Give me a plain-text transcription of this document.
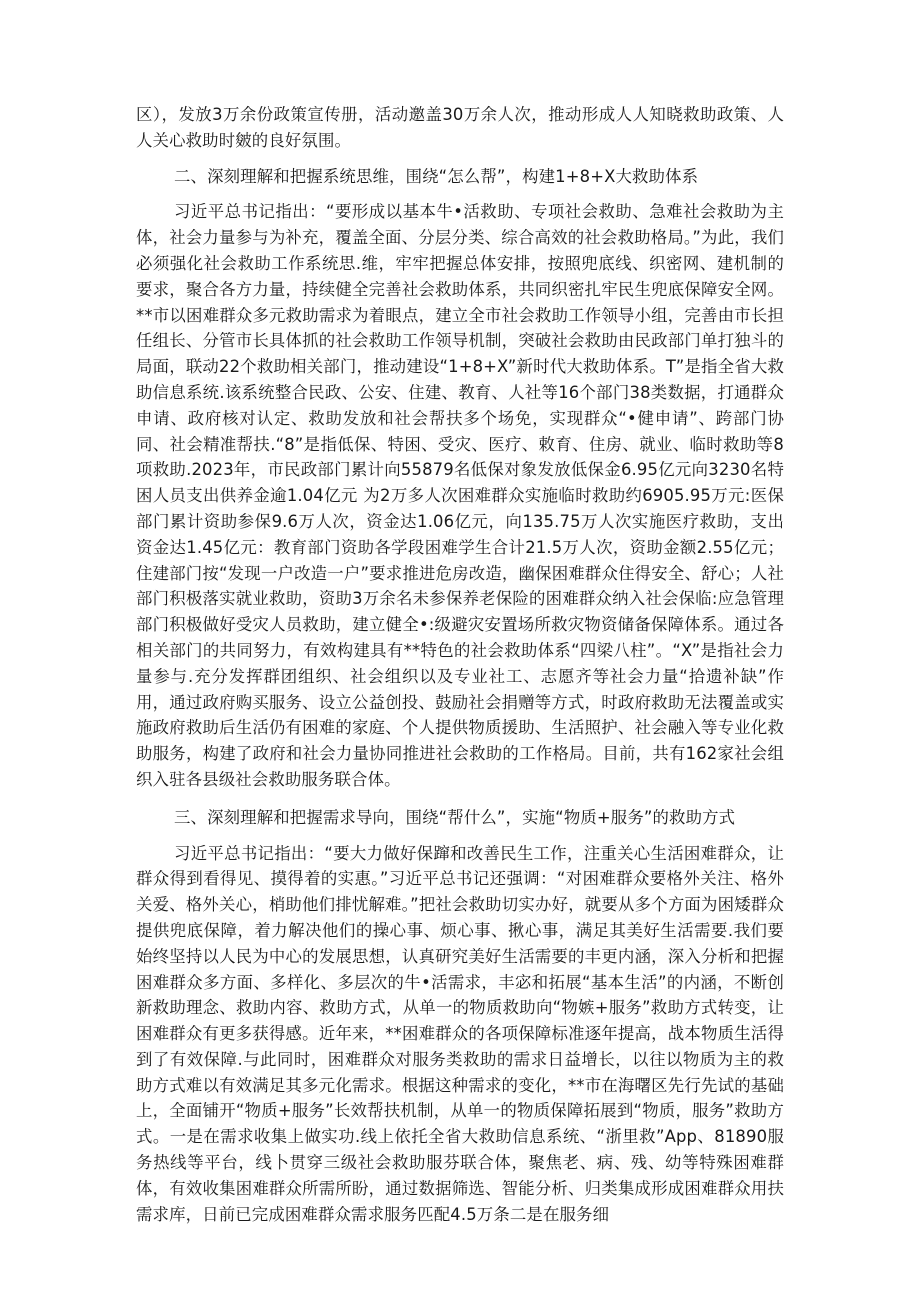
区），发放3万余份政策宣传册，活动邀盖30万余人次，推动形成人人知晓救助政策、人人关心救助时皴的良好氛围。

二、深刻理解和把握系统思维，围绕“怎么帮”，构建1+8+X大救助体系

习近平总书记指出：“要形成以基本牛•活救助、专项社会救助、急难社会救助为主体，社会力量参与为补充，覆盖全面、分层分类、综合高效的社会救助格局。”为此，我们必须强化社会救助工作系统思.维，牢牢把握总体安排，按照兜底线、织密网、建机制的要求，聚合各方力量，持续健全完善社会救助体系，共同织密扎牢民生兜底保障安全网。**市以困难群众多元救助需求为着眼点，建立全市社会救助工作领导小组，完善由市长担任组长、分管市长具体抓的社会救助工作领导机制，突破社会救助由民政部门单打独斗的局面，联动22个救助相关部门，推动建设“1+8+X”新时代大救助体系。T”是指全省大救助信息系统.该系统整合民政、公安、住建、教育、人社等16个部门38类数据，打通群众申请、政府核对认定、救助发放和社会帮扶多个场免，实现群众“•健申请”、跨部门协同、社会精准帮扶.“8”是指低保、特困、受灾、医疗、敕育、住房、就业、临时救助等8项救助.2023年，市民政部门累计向55879名低保对象发放低保金6.95亿元向3230名特困人员支出供养金逾1.04亿元 为2万多人次困难群众实施临时救助约6905.95万元:医保部门累计资助参保9.6万人次，资金达1.06亿元，向135.75万人次实施医疗救助，支出资金达1.45亿元：教育部门资助各学段困难学生合计21.5万人次，资助金额2.55亿元；住建部门按“发现一户改造一户”要求推进危房改造，幽保困难群众住得安全、舒心；人社部门积极落实就业救助，资助3万余名未参保养老保险的困难群众纳入社会保临:应急管理部门积极做好受灾人员救助，建立健全•:级避灾安置场所救灾物资储备保障体系。通过各相关部门的共同努力，有效构建具有**特色的社会救助体系“四梁八柱”。“X”是指社会力量参与.充分发挥群团组织、社会组织以及专业社工、志愿齐等社会力量“拾遗补缺”作用，通过政府购买服务、设立公益创投、鼓励社会捐赠等方式，时政府救助无法覆盖或实施政府救助后生活仍有困难的家庭、个人提供物质援助、生活照护、社会融入等专业化救助服务，构建了政府和社会力量协同推进社会救助的工作格局。目前，共有162家社会组织入驻各县级社会救助服务联合体。

三、深刻理解和把握需求导向，围绕“帮什么”，实施“物质+服务”的救助方式

习近平总书记指出：“要大力做好保蹿和改善民生工作，注重关心生活困难群众，让群众得到看得见、摸得着的实惠。”习近平总书记还强调：“对困难群众要格外关注、格外关爱、格外关心，梢助他们排忧解难。”把社会救助切实办好，就要从多个方面为困矮群众提供兜底保障，着力解决他们的操心事、烦心事、揪心事，满足其美好生活需要.我们要始终坚持以人民为中心的发展思想，认真研究美好生活需要的丰更内涵，深入分析和把握困难群众多方面、多样化、多层次的牛•活需求，丰宓和拓展“基本生活”的内涵，不断创新救助理念、救助内容、救助方式，从单一的物质救助向“物嫉+服务”救助方式转变，让困难群众有更多获得感。近年来，**困难群众的各项保障标准逐年提高，战本物质生活得到了有效保障.与此同时，困难群众对服务类救助的需求日益增长，以往以物质为主的救助方式难以有效满足其多元化需求。根据这种需求的变化，**市在海曙区先行先试的基础上，全面铺开“物质+服务”长效帮扶机制，从单一的物质保障拓展到“物质，服务”救助方式。一是在需求收集上做实功.线上依托全省大救助信息系统、“浙里救”App、81890服务热线等平台，线卜贯穿三级社会救助服芬联合体，聚焦老、病、残、幼等特殊困难群体，有效收集困难群众所需所盼，通过数据筛选、智能分析、归类集成形成困难群众用扶需求库，日前已完成困难群众需求服务匹配4.5万条二是在服务细
